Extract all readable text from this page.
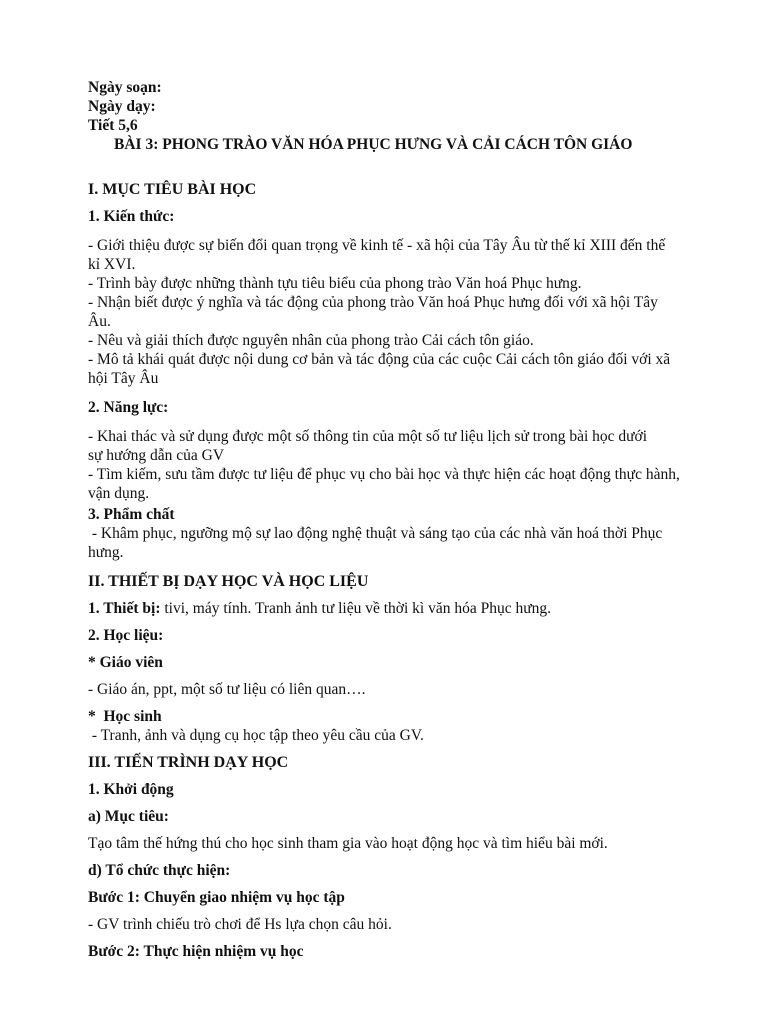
Ngày soạn:
Ngày dạy:
Tiết 5,6
BÀI 3: PHONG TRÀO VĂN HÓA PHỤC HƯNG VÀ CẢI CÁCH TÔN GIÁO
I. MỤC TIÊU BÀI HỌC
1. Kiến thức:
- Giới thiệu được sự biến đổi quan trọng về kinh tế - xã hội của Tây Âu từ thế kỉ XIII đến thế kỉ XVI.
- Trình bày được những thành tựu tiêu biểu của phong trào Văn hoá Phục hưng.
- Nhận biết được ý nghĩa và tác động của phong trào Văn hoá Phục hưng đối với xã hội Tây Âu.
- Nêu và giải thích được nguyên nhân của phong trào Cải cách tôn giáo.
- Mô tả khái quát được nội dung cơ bản và tác động của các cuộc Cải cách tôn giáo đối với xã hội Tây Âu
2. Năng lực:
- Khai thác và sử dụng được một số thông tin của một số tư liệu lịch sử trong bài học dưới sự hướng dẫn của GV
- Tìm kiếm, sưu tầm được tư liệu để phục vụ cho bài học và thực hiện các hoạt động thực hành, vận dụng.
3. Phẩm chất
- Khâm phục, ngưỡng mộ sự lao động nghệ thuật và sáng tạo của các nhà văn hoá thời Phục hưng.
II. THIẾT BỊ DẠY HỌC VÀ HỌC LIỆU
1. Thiết bị: tivi, máy tính. Tranh ảnh tư liệu về thời kì văn hóa Phục hưng.
2. Học liệu:
* Giáo viên
- Giáo án, ppt, một số tư liệu có liên quan….
*  Học sinh
- Tranh, ảnh và dụng cụ học tập theo yêu cầu của GV.
III. TIẾN TRÌNH DẠY HỌC
1. Khởi động
a) Mục tiêu:
Tạo tâm thế hứng thú cho học sinh tham gia vào hoạt động học và tìm hiểu bài mới.
d) Tổ chức thực hiện:
Bước 1: Chuyển giao nhiệm vụ học tập
- GV trình chiếu trò chơi để Hs lựa chọn câu hỏi.
Bước 2: Thực hiện nhiệm vụ học
